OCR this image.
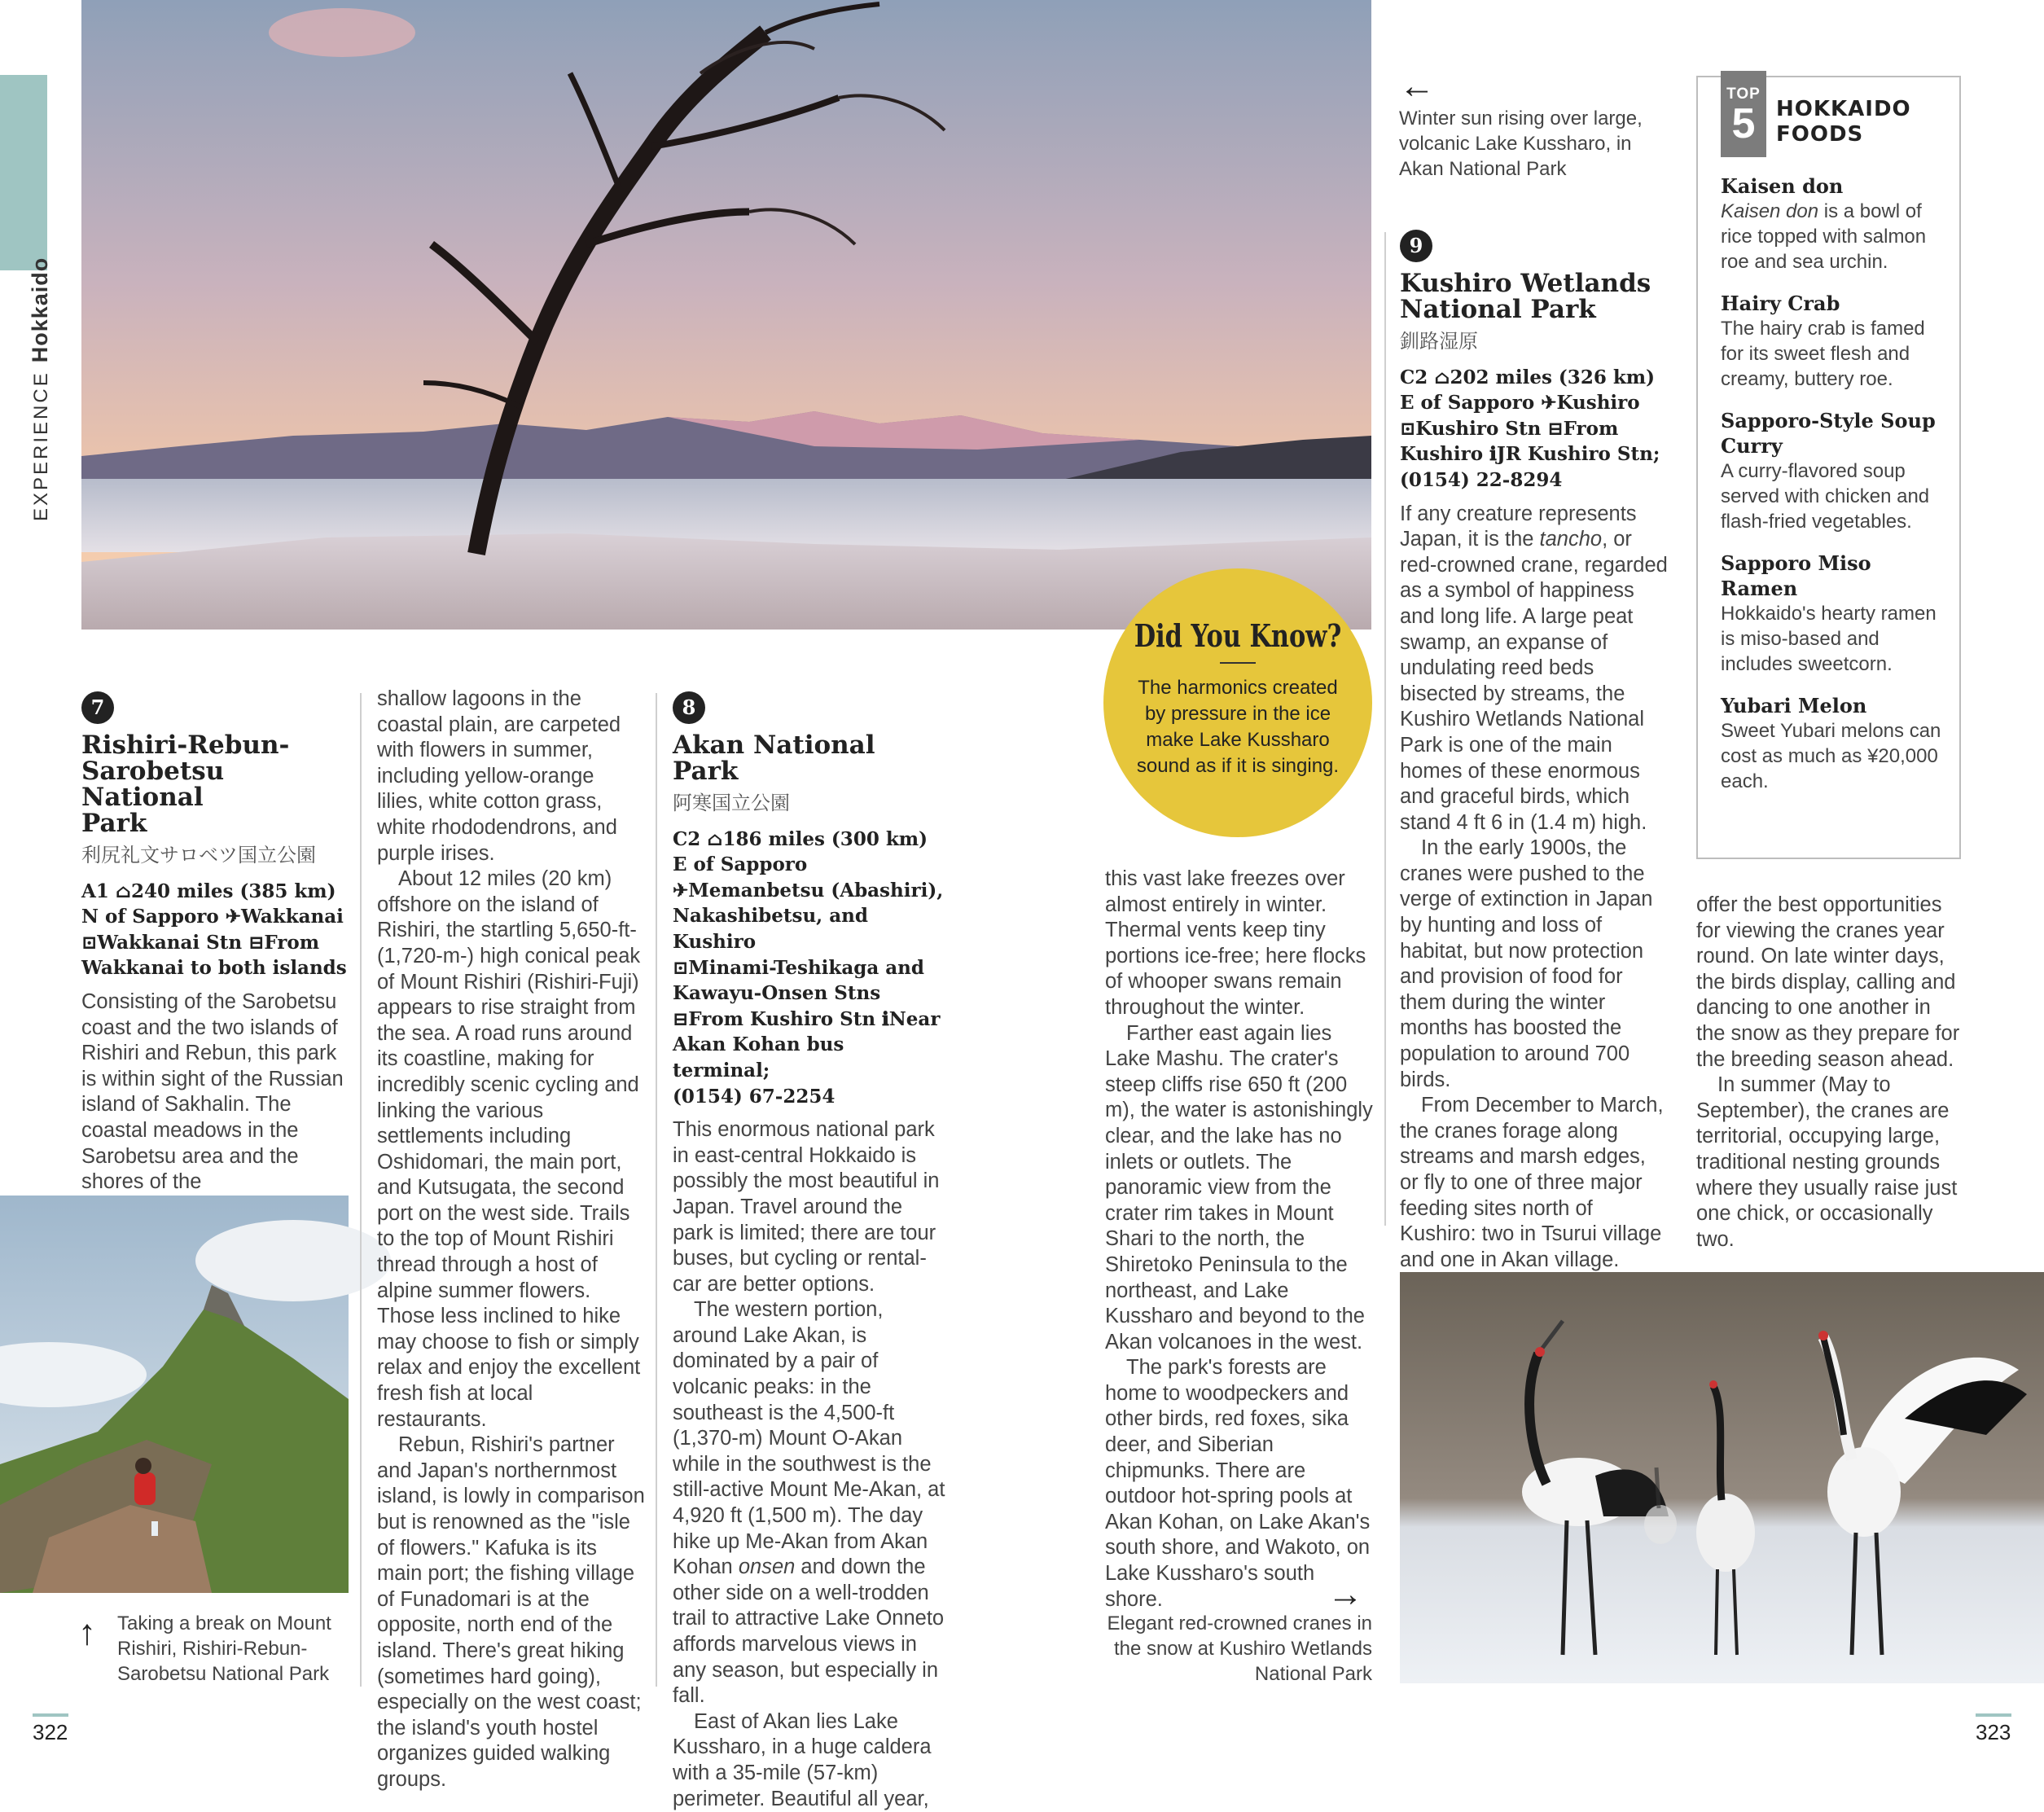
EXPERIENCEHokkaido
←
Winter sun rising over large, volcanic Lake Kussharo, in Akan National Park
7
Rishiri-Rebun-
Sarobetsu National
Park
利尻礼文サロベツ国立公園
A1 ⌂240 miles (385 km)
N of Sapporo ✈Wakkanai
⊡Wakkanai Stn ⊟From
Wakkanai to both islands

Consisting of the Sarobetsu coast and the two islands of Rishiri and Rebun, this park is within sight of the Russian island of Sakhalin. The coastal meadows in the Sarobetsu area and the shores of the

↑ Taking a break on Mount Rishiri, Rishiri-Rebun-Sarobetsu National Park

shallow lagoons in the coastal plain, are carpeted with flowers in summer, including yellow-orange lilies, white cotton grass, white rhododendrons, and purple irises.

About 12 miles (20 km) offshore on the island of Rishiri, the startling 5,650-ft- (1,720-m-) high conical peak of Mount Rishiri (Rishiri-Fuji) appears to rise straight from the sea. A road runs around its coastline, making for incredibly scenic cycling and linking the various settlements including Oshidomari, the main port, and Kutsugata, the second port on the west side. Trails to the top of Mount Rishiri thread through a host of alpine summer flowers. Those less inclined to hike may choose to fish or simply relax and enjoy the excellent fresh fish at local restaurants.

Rebun, Rishiri's partner and Japan's northernmost island, is lowly in comparison but is renowned as the "isle of flowers." Kafuka is its main port; the fishing village of Funadomari is at the opposite, north end of the island. There's great hiking (sometimes hard going), especially on the west coast; the island's youth hostel organizes guided walking groups.

8
Akan National Park
阿寒国立公園
C2 ⌂186 miles (300 km)
E of Sapporo
✈Memanbetsu (Abashiri),
Nakashibetsu, and Kushiro
⊡Minami-Teshikaga and
Kawayu-Onsen Stns
⊟From Kushiro Stn ℹNear
Akan Kohan bus terminal;
(0154) 67-2254

This enormous national park in east-central Hokkaido is possibly the most beautiful in Japan. Travel around the park is limited; there are tour buses, but cycling or rental-car are better options.

The western portion, around Lake Akan, is dominated by a pair of volcanic peaks: in the southeast is the 4,500-ft (1,370-m) Mount O-Akan while in the southwest is the still-active Mount Me-Akan, at 4,920 ft (1,500 m). The day hike up Me-Akan from Akan Kohan onsen and down the other side on a well-trodden trail to attractive Lake Onneto affords marvelous views in any season, but especially in fall.

East of Akan lies Lake Kussharo, in a huge caldera with a 35-mile (57-km) perimeter. Beautiful all year,

Did You Know?
The harmonics created by pressure in the ice make Lake Kussharo sound as if it is singing.

this vast lake freezes over almost entirely in winter. Thermal vents keep tiny portions ice-free; here flocks of whooper swans remain throughout the winter.

Farther east again lies Lake Mashu. The crater's steep cliffs rise 650 ft (200 m), the water is astonishingly clear, and the lake has no inlets or outlets. The panoramic view from the crater rim takes in Mount Shari to the north, the Shiretoko Peninsula to the northeast, and Lake Kussharo and beyond to the Akan volcanoes in the west.

The park's forests are home to woodpeckers and other birds, red foxes, sika deer, and Siberian chipmunks. There are outdoor hot-spring pools at Akan Kohan, on Lake Akan's south shore, and Wakoto, on Lake Kussharo's south shore.	→
Elegant red-crowned cranes in the snow at Kushiro Wetlands National Park
9
Kushiro Wetlands
National Park
釧路湿原
C2 ⌂202 miles (326 km)
E of Sapporo ✈Kushiro
⊡Kushiro Stn ⊟From
Kushiro ℹJR Kushiro Stn;
(0154) 22-8294

If any creature represents Japan, it is the tancho, or red-crowned crane, regarded as a symbol of happiness and long life. A large peat swamp, an expanse of undulating reed beds bisected by streams, the Kushiro Wetlands National Park is one of the main homes of these enormous and graceful birds, which stand 4 ft 6 in (1.4 m) high.

In the early 1900s, the cranes were pushed to the verge of extinction in Japan by hunting and loss of habitat, but now protection and provision of food for them during the winter months has boosted the population to around 700 birds.

From December to March, the cranes forage along streams and marsh edges, or fly to one of three major feeding sites north of Kushiro: two in Tsurui village and one in Akan village.

TOP
5 HOKKAIDO
FOODS
Kaisen don
Kaisen don is a bowl of rice topped with salmon roe and sea urchin.
Hairy Crab
The hairy crab is famed for its sweet flesh and creamy, buttery roe.
Sapporo-Style Soup Curry
A curry-flavored soup served with chicken and flash-fried vegetables.
Sapporo Miso Ramen
Hokkaido's hearty ramen is miso-based and includes sweetcorn.
Yubari Melon
Sweet Yubari melons can cost as much as ¥20,000 each.

offer the best opportunities for viewing the cranes year round. On late winter days, the birds display, calling and dancing to one another in the snow as they prepare for the breeding season ahead.

In summer (May to September), the cranes are territorial, occupying large, traditional nesting grounds where they usually raise just one chick, or occasionally two.

322	323
